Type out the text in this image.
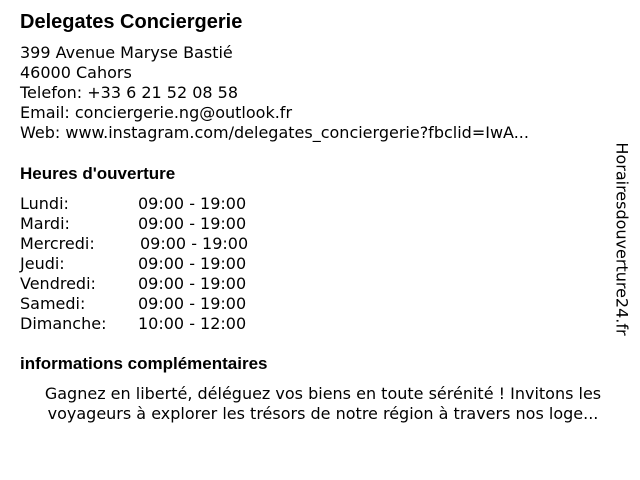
Delegates Conciergerie
399 Avenue Maryse Bastié
46000 Cahors
Telefon: +33 6 21 52 08 58
Email: conciergerie.ng@outlook.fr
Web: www.instagram.com/delegates_conciergerie?fbclid=IwA...
Heures d'ouverture
Lundi:	09:00 - 19:00
Mardi:	09:00 - 19:00
Mercredi:	09:00 - 19:00
Jeudi:	09:00 - 19:00
Vendredi:	09:00 - 19:00
Samedi:	09:00 - 19:00
Dimanche: 10:00 - 12:00
informations complémentaires
Gagnez en liberté, déléguez vos biens en toute sérénité ! Invitons les
voyageurs à explorer les trésors de notre région à travers nos loge...
Horairesdouverture24.fr
